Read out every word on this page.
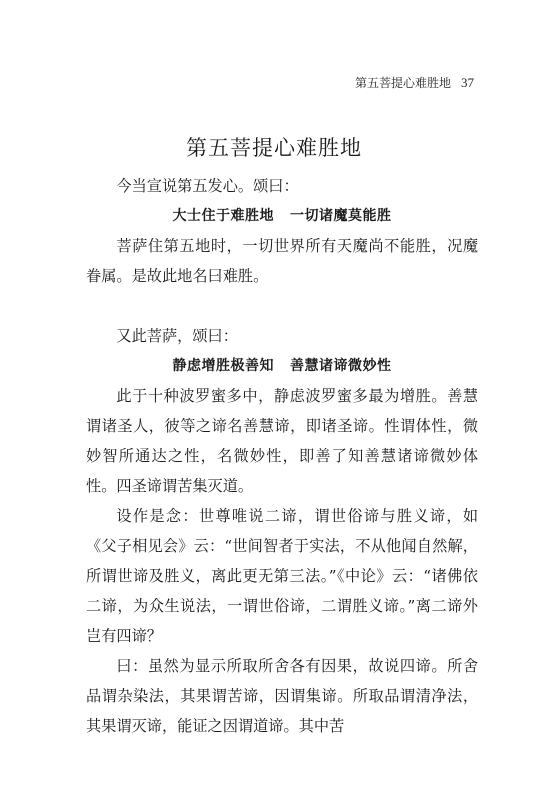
第五菩提心难胜地 37
第五菩提心难胜地

今当宣说第五发心。颂曰：

大士住于难胜地 一切诸魔莫能胜

菩萨住第五地时，一切世界所有天魔尚不能胜，况魔眷属。是故此地名曰难胜。

又此菩萨，颂曰：

静虑增胜极善知 善慧诸谛微妙性

此于十种波罗蜜多中，静虑波罗蜜多最为增胜。善慧谓诸圣人，彼等之谛名善慧谛，即诸圣谛。性谓体性，微妙智所通达之性，名微妙性，即善了知善慧诸谛微妙体性。四圣谛谓苦集灭道。

设作是念：世尊唯说二谛，谓世俗谛与胜义谛，如《父子相见会》云：“世间智者于实法，不从他闻自然解，所谓世谛及胜义，离此更无第三法。”《中论》云：“诸佛依二谛，为众生说法，一谓世俗谛，二谓胜义谛。”离二谛外岂有四谛？

曰：虽然为显示所取所舍各有因果，故说四谛。所舍品谓杂染法，其果谓苦谛，因谓集谛。所取品谓清净法，其果谓灭谛，能证之因谓道谛。其中苦
